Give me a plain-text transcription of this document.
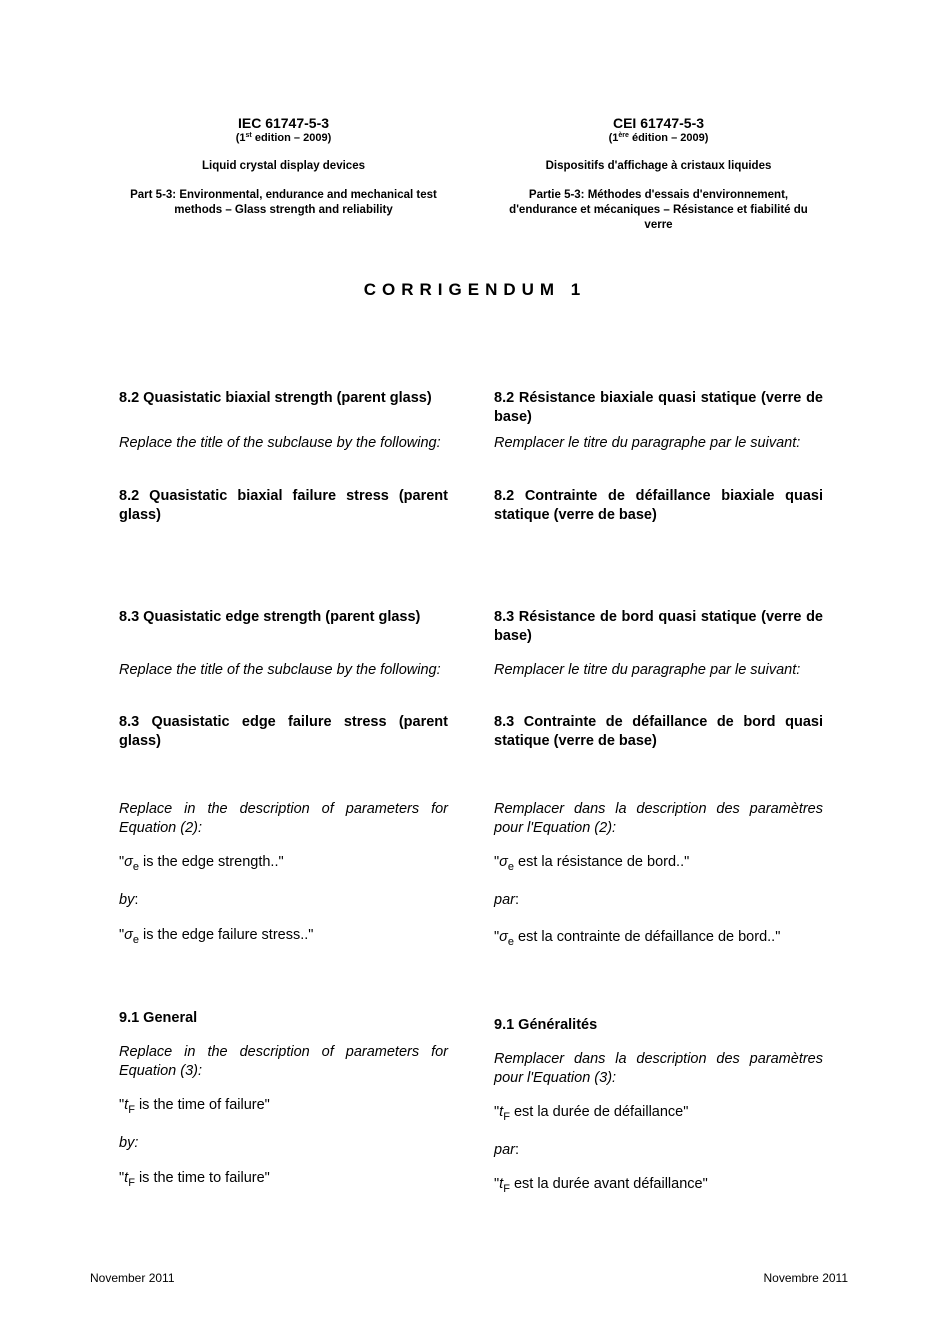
IEC 61747-5-3
(1st edition – 2009)
Liquid crystal display devices
Part 5-3: Environmental, endurance and mechanical test methods – Glass strength and reliability
CEI 61747-5-3
(1ère édition – 2009)
Dispositifs d'affichage à cristaux liquides
Partie 5-3: Méthodes d'essais d'environnement, d'endurance et mécaniques – Résistance et fiabilité du verre
CORRIGENDUM 1
8.2 Quasistatic biaxial strength (parent glass)
Replace the title of the subclause by the following:
8.2 Quasistatic biaxial failure stress (parent glass)
8.2 Résistance biaxiale quasi statique (verre de base)
Remplacer le titre du paragraphe par le suivant:
8.2 Contrainte de défaillance biaxiale quasi statique (verre de base)
8.3 Quasistatic edge strength (parent glass)
Replace the title of the subclause by the following:
8.3 Quasistatic edge failure stress (parent glass)
Replace in the description of parameters for Equation (2):
"$\sigma_e$ is the edge strength.."
by:
"$\sigma_e$ is the edge failure stress.."
8.3 Résistance de bord quasi statique (verre de base)
Remplacer le titre du paragraphe par le suivant:
8.3 Contrainte de défaillance de bord quasi statique (verre de base)
Remplacer dans la description des paramètres pour l'Equation (2):
"$\sigma_e$ est la résistance de bord.."
par:
"$\sigma_e$ est la contrainte de défaillance de bord.."
9.1 General
Replace in the description of parameters for Equation (3):
"$t_F$ is the time of failure"
by:
"$t_F$ is the time to failure"
9.1 Généralités
Remplacer dans la description des paramètres pour l'Equation (3):
"$t_F$ est la durée de défaillance"
par:
"$t_F$ est la durée avant défaillance"
November 2011	Novembre 2011
